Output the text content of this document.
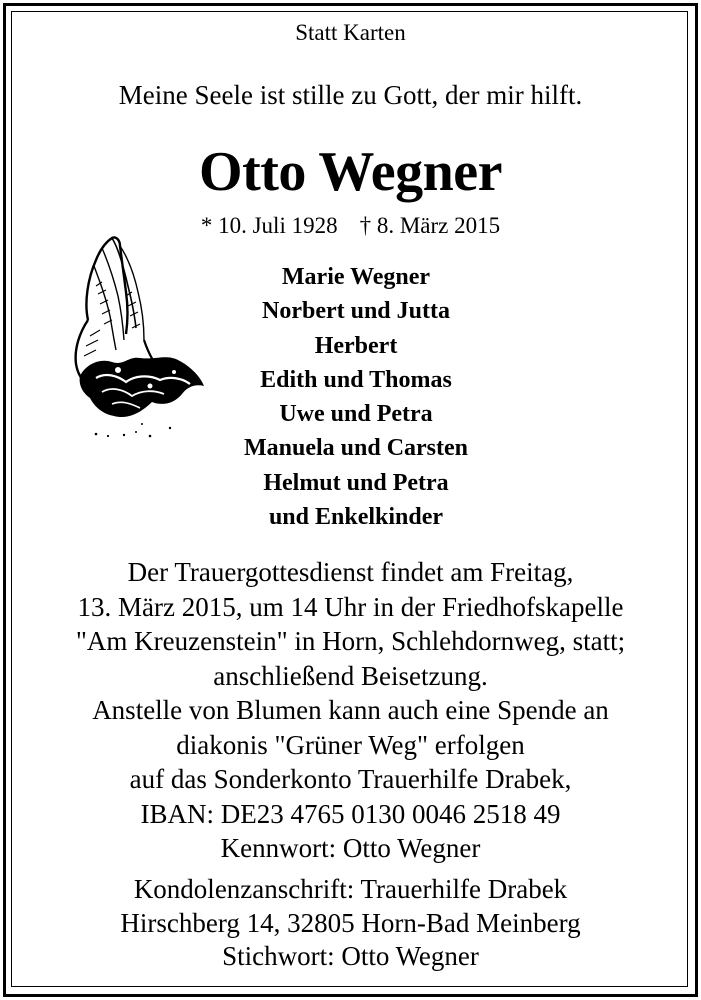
Statt Karten
Meine Seele ist stille zu Gott, der mir hilft.
Otto Wegner
* 10. Juli 1928 † 8. März 2015
Marie Wegner
Norbert und Jutta
Herbert
Edith und Thomas
Uwe und Petra
Manuela und Carsten
Helmut und Petra
und Enkelkinder
Der Trauergottesdienst findet am Freitag,
13. März 2015, um 14 Uhr in der Friedhofskapelle
"Am Kreuzenstein" in Horn, Schlehdornweg, statt;
anschließend Beisetzung.
Anstelle von Blumen kann auch eine Spende an
diakonis "Grüner Weg" erfolgen
auf das Sonderkonto Trauerhilfe Drabek,
IBAN: DE23 4765 0130 0046 2518 49
Kennwort: Otto Wegner
Kondolenzanschrift: Trauerhilfe Drabek
Hirschberg 14, 32805 Horn-Bad Meinberg
Stichwort: Otto Wegner
